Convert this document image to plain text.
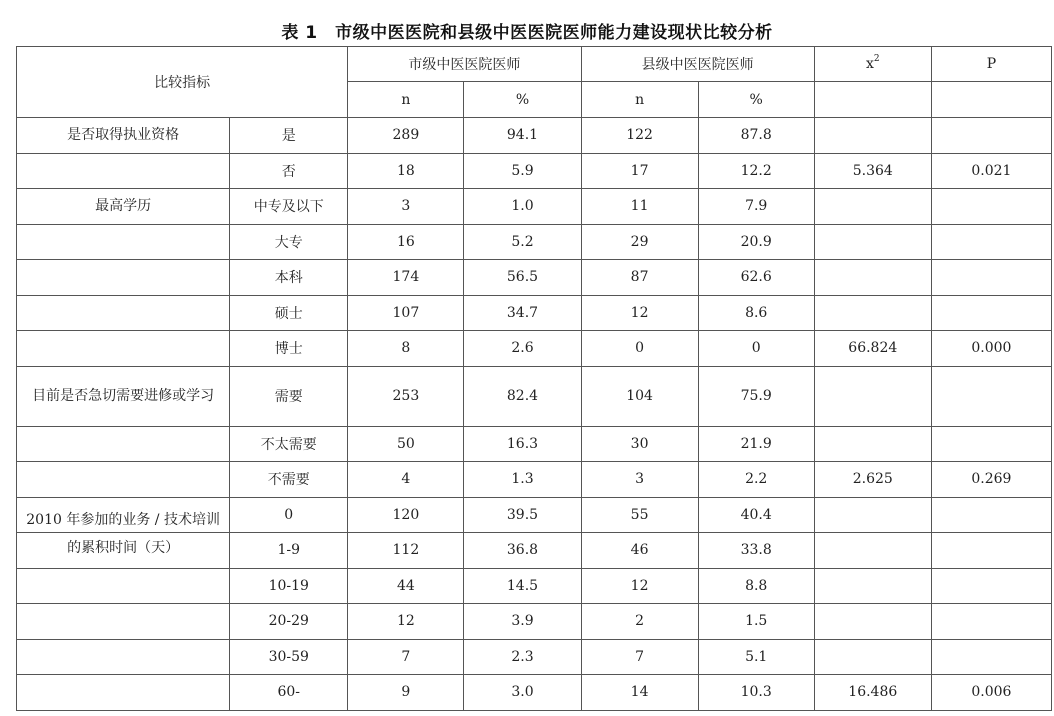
表 1　市级中医医院和县级中医医院医师能力建设现状比较分析
比较指标		市级中医医院医师		县级中医医院医师		$x^2$	P
		n	%	n	%		
是否取得执业资格	是	289	94.1	122	87.8		
	否	18	5.9	17	12.2	5.364	0.021
最高学历	中专及以下	3	1.0	11	7.9		
	大专	16	5.2	29	20.9		
	本科	174	56.5	87	62.6		
	硕士	107	34.7	12	8.6		
	博士	8	2.6	0	0	66.824	0.000
目前是否急切需要进修或学习	需要	253	82.4	104	75.9		
	不太需要	50	16.3	30	21.9		
	不需要	4	1.3	3	2.2	2.625	0.269

2010 年参加的业务 / 技术培训的累积时间（天）	0	120	39.5	55	40.4		
	1-9	112	36.8	46	33.8		
	10-19	44	14.5	12	8.8		
	20-29	12	3.9	2	1.5		
	30-59	7	2.3	7	5.1		
	60-	9	3.0	14	10.3	16.486	0.006
